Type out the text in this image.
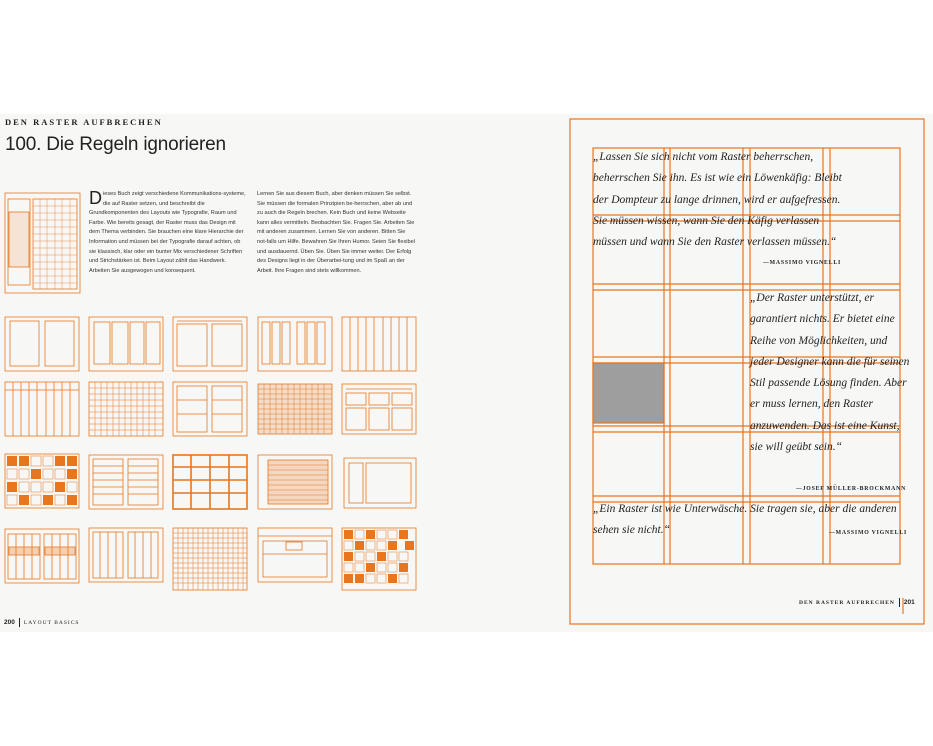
DEN RASTER AUFBRECHEN
100. Die Regeln ignorieren
Dieses Buch zeigt verschiedene Kommunikations-systeme, die auf Raster setzen, und beschreibt die Grundkomponenten des Layouts wie Typografie, Raum und Farbe. Wie bereits gesagt, der Raster muss das Design mit dem Thema verbinden. Sie brauchen eine klare Hierarchie der Information und müssen bei der Typografie darauf achten, ob sie klassisch, klar oder ein bunter Mix verschiedener Schriften und Strichstärken ist. Beim Layout zählt das Handwerk. Arbeiten Sie ausgewogen und konsequent.
Lernen Sie aus diesem Buch, aber denken müssen Sie selbst. Sie müssen die formalen Prinzipien be-herrschen, aber ab und zu auch die Regeln brechen. Kein Buch und keine Webseite kann alles vermitteln. Beobachten Sie. Fragen Sie. Arbeiten Sie mit anderen zusammen. Lernen Sie von anderen. Bitten Sie not-falls um Hilfe. Bewahren Sie Ihren Humor. Seien Sie flexibel und ausdauernd. Üben Sie. Üben Sie immer weiter. Der Erfolg des Designs liegt in der Überarbei-tung und im Spaß an der Arbeit. Ihre Fragen sind stets willkommen.
200 LAYOUT BASICS
„Lassen Sie sich nicht vom Raster beherrschen, beherrschen Sie ihn. Es ist wie ein Löwenkäfig: Bleibt der Dompteur zu lange drinnen, wird er aufgefressen. Sie müssen wissen, wann Sie den Käfig verlassen müssen und wann Sie den Raster verlassen müssen.“
—MASSIMO VIGNELLI
„Der Raster unterstützt, er garantiert nichts. Er bietet eine Reihe von Möglichkeiten, und jeder Designer kann die für seinen Stil passende Lösung finden. Aber er muss lernen, den Raster anzuwenden. Das ist eine Kunst, sie will geübt sein.“
—JOSEF MÜLLER-BROCKMANN
„Ein Raster ist wie Unterwäsche. Sie tragen sie, aber die anderen sehen sie nicht.“	—MASSIMO VIGNELLI
DEN RASTER AUFBRECHEN 201
